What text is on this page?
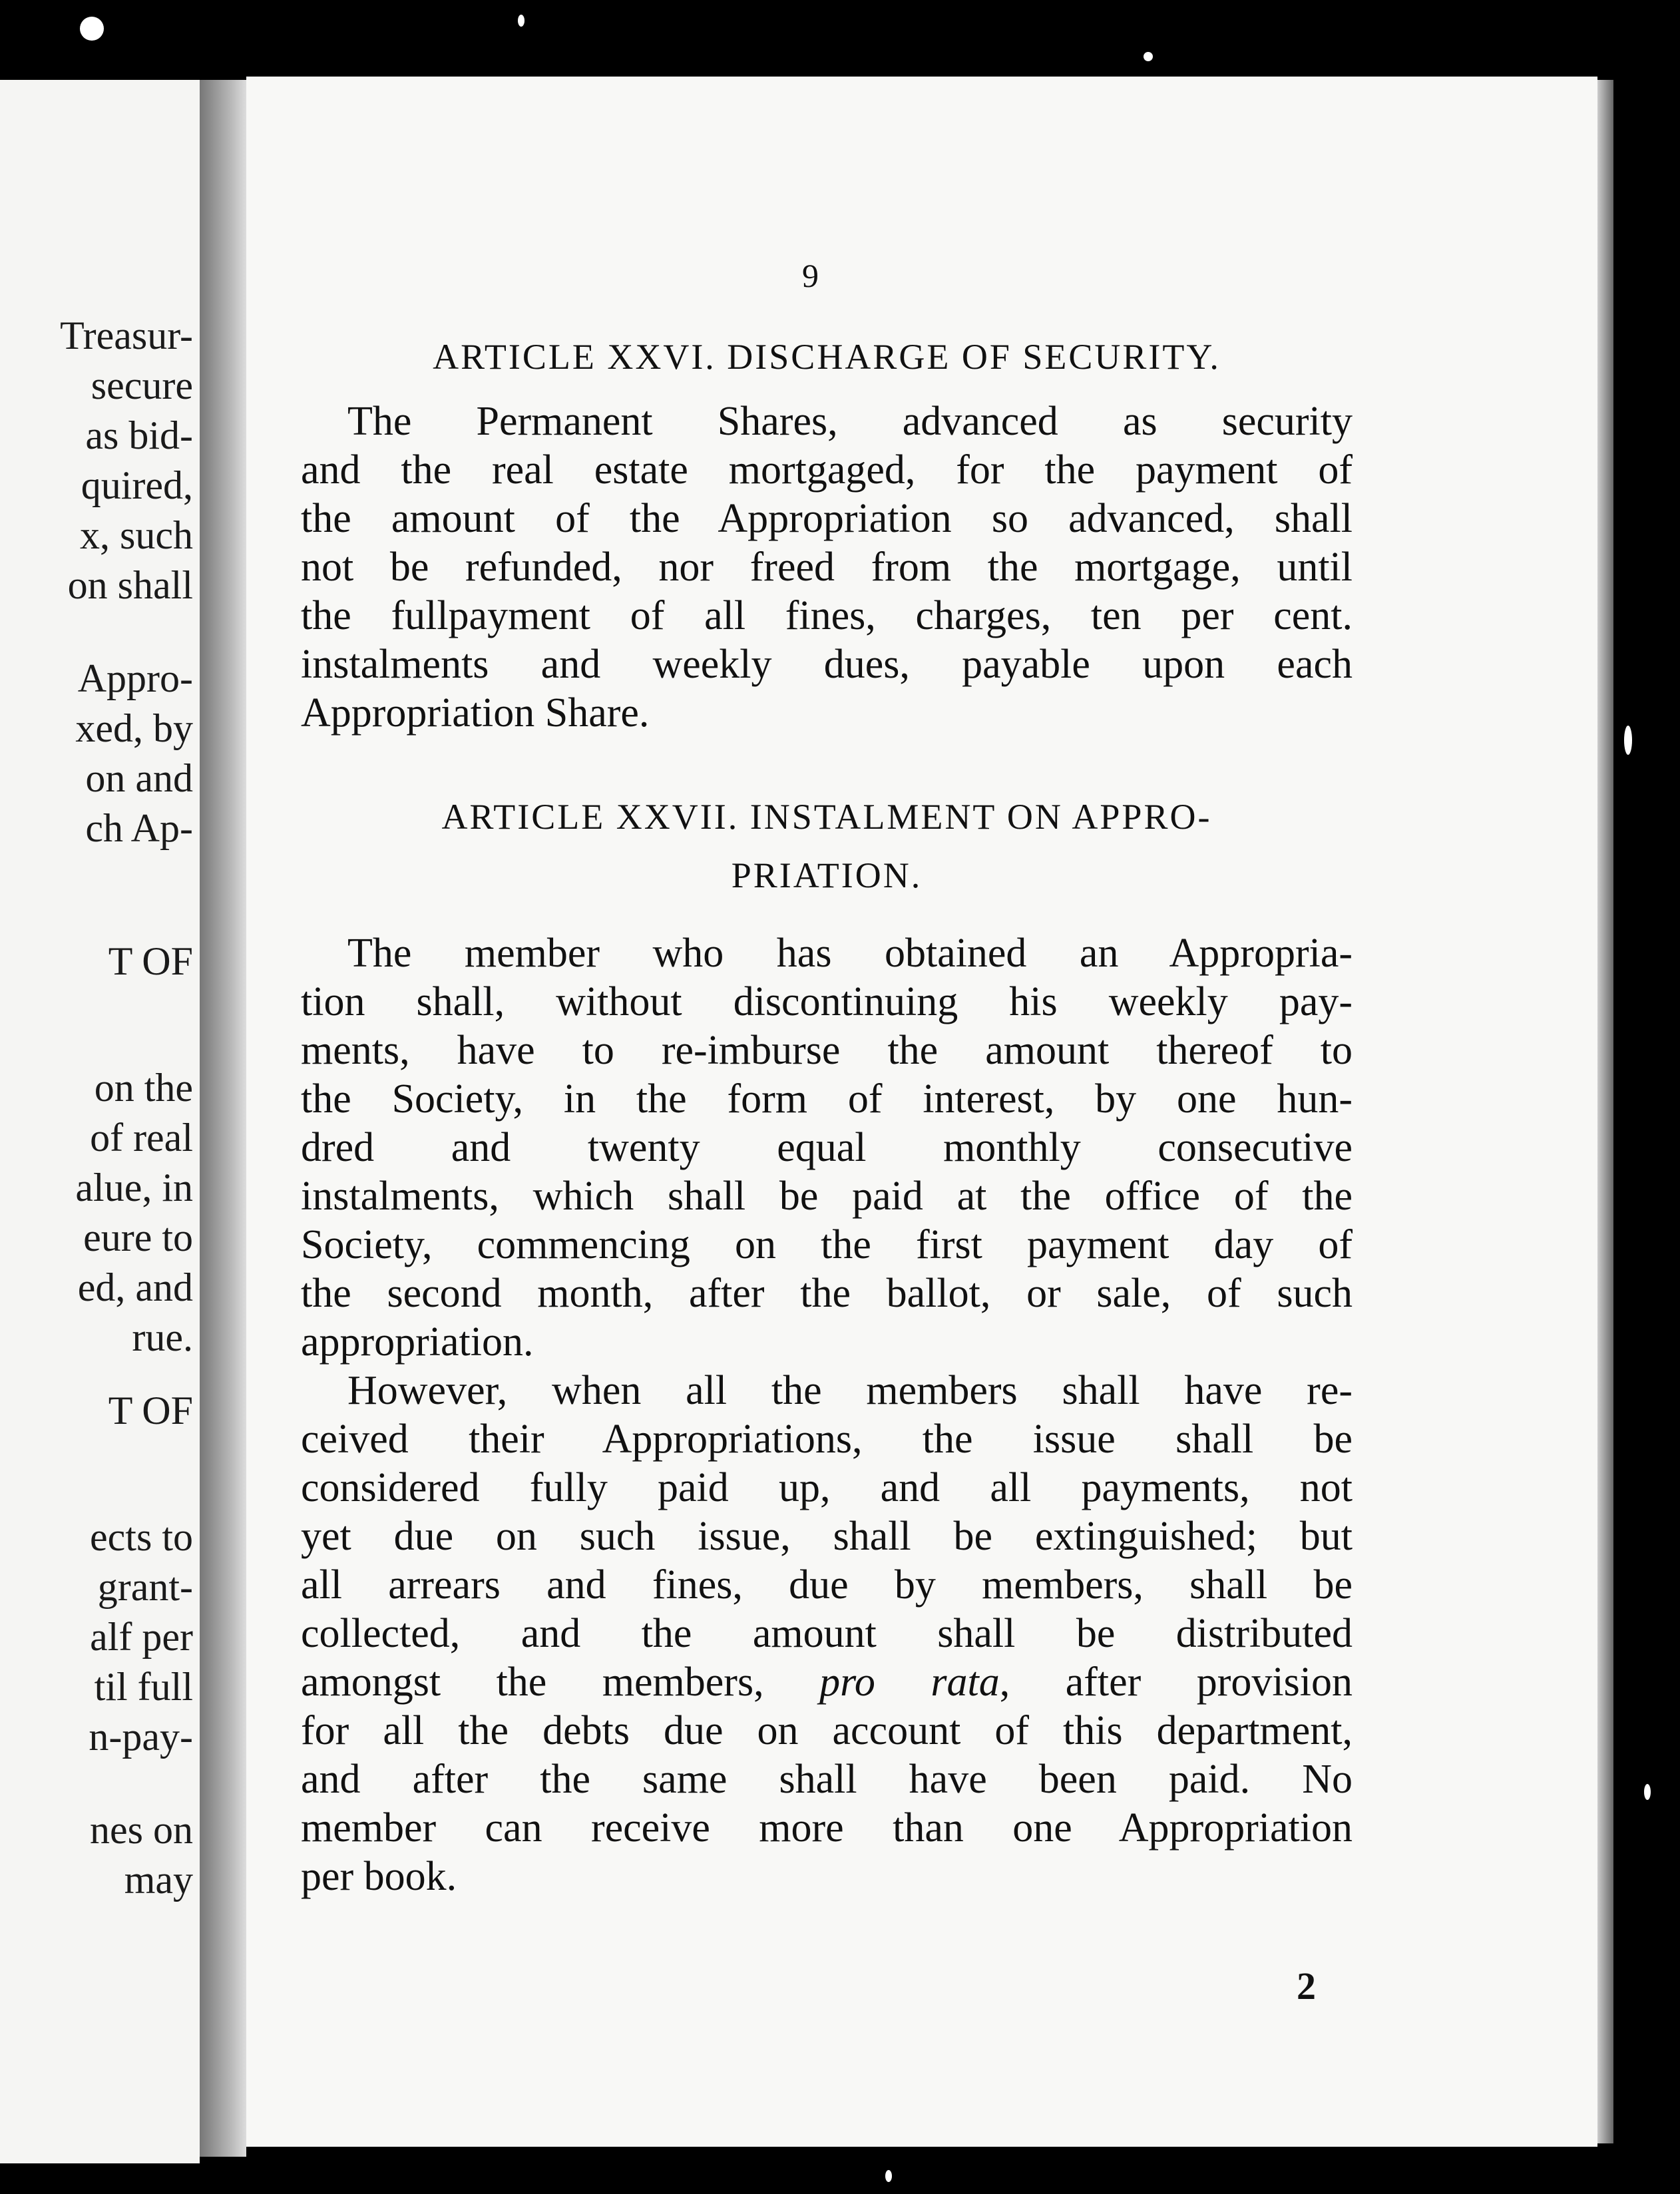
Treasur-
secure
as bid-
quired,
x, such
on shall
Appro-
xed, by
on and
ch Ap-
T OF
on the
of real
alue, in
eure to
ed, and
rue.
T OF
ects to
grant-
alf per
til full
n-pay-
nes on
may
9

ARTICLE XXVI. DISCHARGE OF SECURITY.

The Permanent Shares, advanced as security
and the real estate mortgaged, for the payment of
the amount of the Appropriation so advanced, shall
not be refunded, nor freed from the mortgage, until
the fullpayment of all fines, charges, ten per cent.
instalments and weekly dues, payable upon each
Appropriation Share.

ARTICLE XXVII. INSTALMENT ON APPRO-

PRIATION.

The member who has obtained an Appropria-
tion shall, without discontinuing his weekly pay-
ments, have to re-imburse the amount thereof to
the Society, in the form of interest, by one hun-
dred and twenty equal monthly consecutive
instalments, which shall be paid at the office of the
Society, commencing on the first payment day of
the second month, after the ballot, or sale, of such
appropriation.
However, when all the members shall have re-
ceived their Appropriations, the issue shall be
considered fully paid up, and all payments, not
yet due on such issue, shall be extinguished; but
all arrears and fines, due by members, shall be
collected, and the amount shall be distributed
amongst the members, pro rata, after provision
for all the debts due on account of this department,
and after the same shall have been paid. No
member can receive more than one Appropriation
per book.
2
